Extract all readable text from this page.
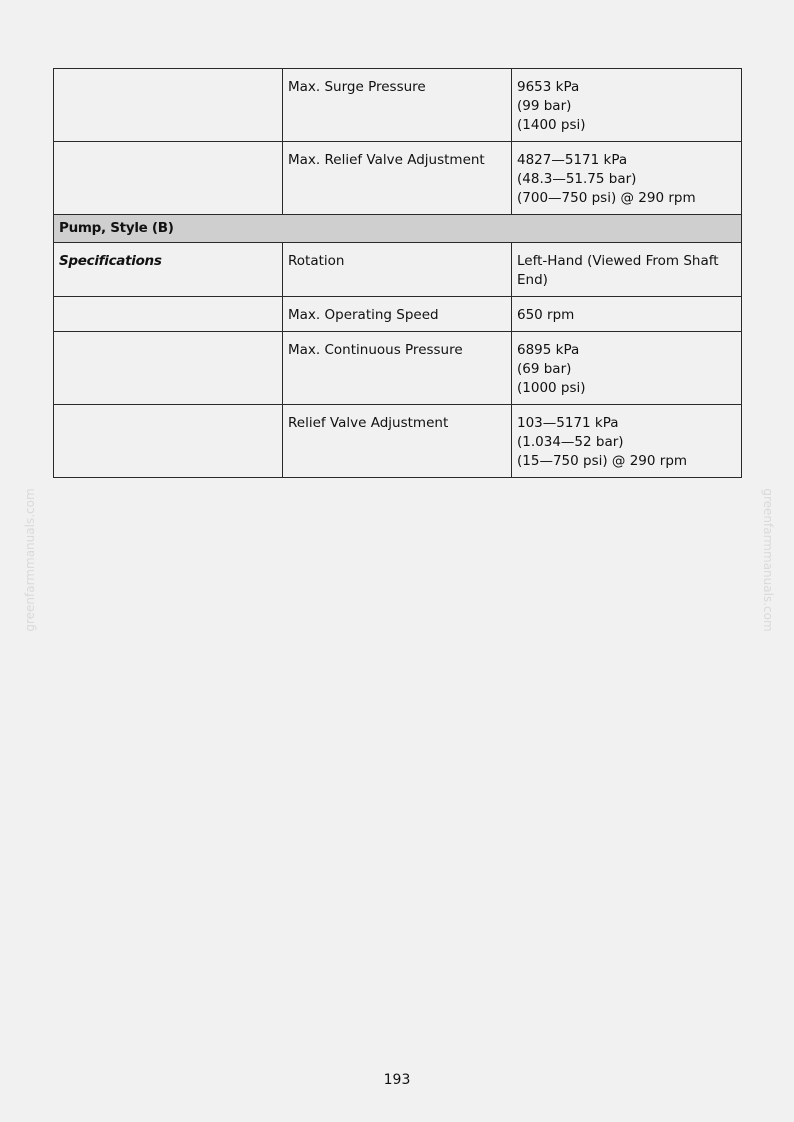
	Max. Surge Pressure	9653 kPa
(99 bar)
(1400 psi)

	Max. Relief Valve Adjustment	4827—5171 kPa
(48.3—51.75 bar)
(700—750 psi) @ 290 rpm

Pump, Style (B)		
Specifications	Rotation	Left-Hand (Viewed From Shaft End)

	Max. Operating Speed	650 rpm

	Max. Continuous Pressure	6895 kPa
(69 bar)
(1000 psi)

	Relief Valve Adjustment	103—5171 kPa
(1.034—52 bar)
(15—750 psi) @ 290 rpm
greenfarmmanuals.com	greenfarmmanuals.com
193
